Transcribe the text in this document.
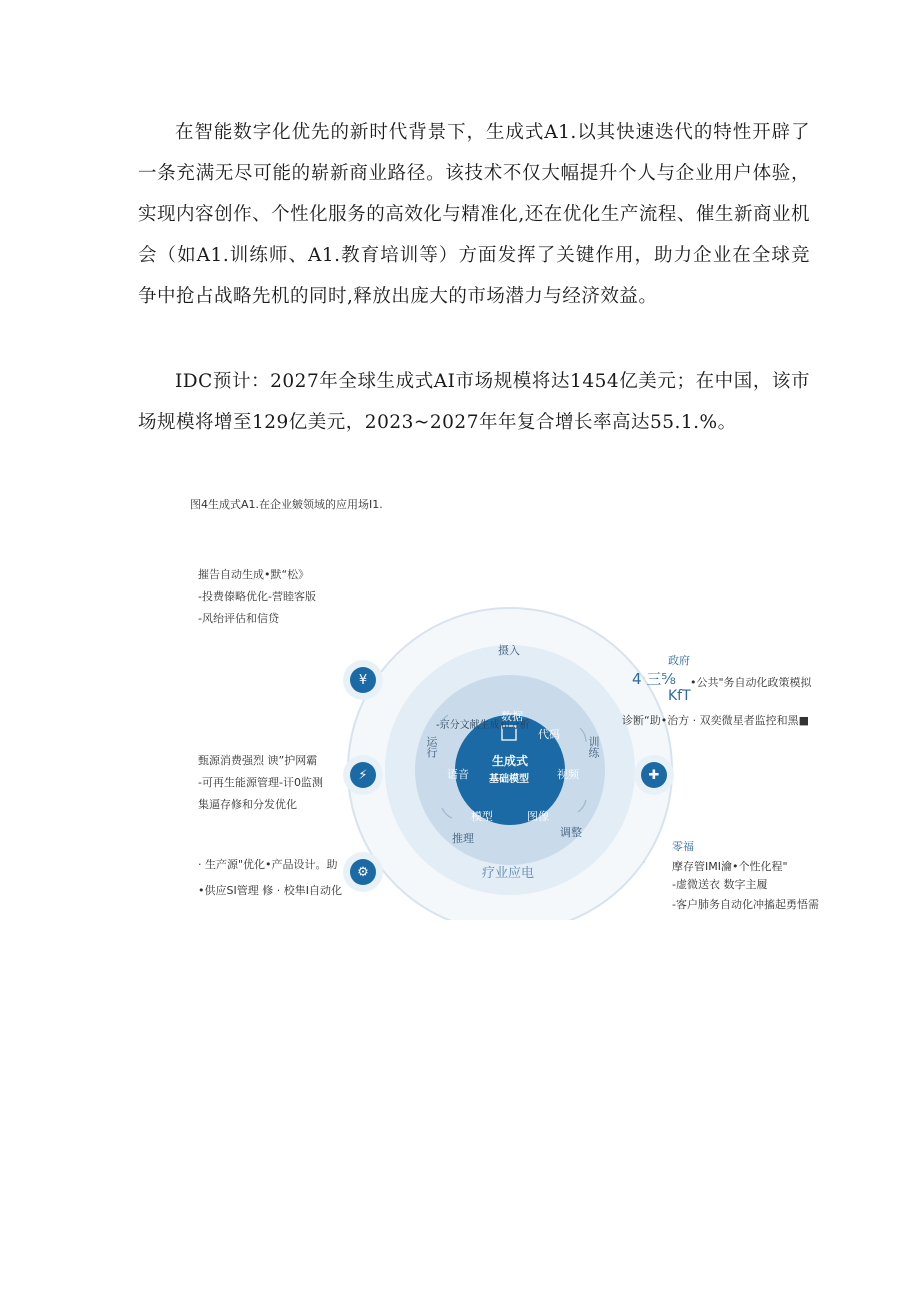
在智能数字化优先的新时代背景下，生成式A1.以其快速迭代的特性开辟了一条充满无尽可能的崭新商业路径。该技术不仅大幅提升个人与企业用户体验，实现内容创作、个性化服务的高效化与精准化,还在优化生产流程、催生新商业机会（如A1.训练师、A1.教育培训等）方面发挥了关键作用，助力企业在全球竞争中抢占战略先机的同时,释放出庞大的市场潜力与经济效益。

IDC预计：2027年全球生成式AI市场规模将达1454亿美元；在中国，该市场规模将增至129亿美元，2023~2027年年复合增长率高达55.1.%。

图4生成式A1.在企业皴领域的应用场I1.
摧告自动生成•默“松》
-投费傣略优化-营睦客版
-风绐评估和信贷
甄源消费强烈 谀”护网霸
-可再生能源管理-讦0监测
集逼存修和分发优化
· 生产源"优化•产品设计。助
•供应SI管理 修 · 校隼I自动化
生成式
基础模型
-京分文献生成和分析
摄入
运行	训练
推理	调整
数据
代码
语音	视频
模型	图像
疗业应电
¥
⚡
⚙
✚
政府
4 三⅝ •公共"务自动化政策模拟
KfT
诊断“助•治方 · 双奕微星者监控和黑■
零福
摩存管IMI瀹•个性化程"
-虚微送衣 数字主履
-客户肺务自动化冲搐起勇悟需
